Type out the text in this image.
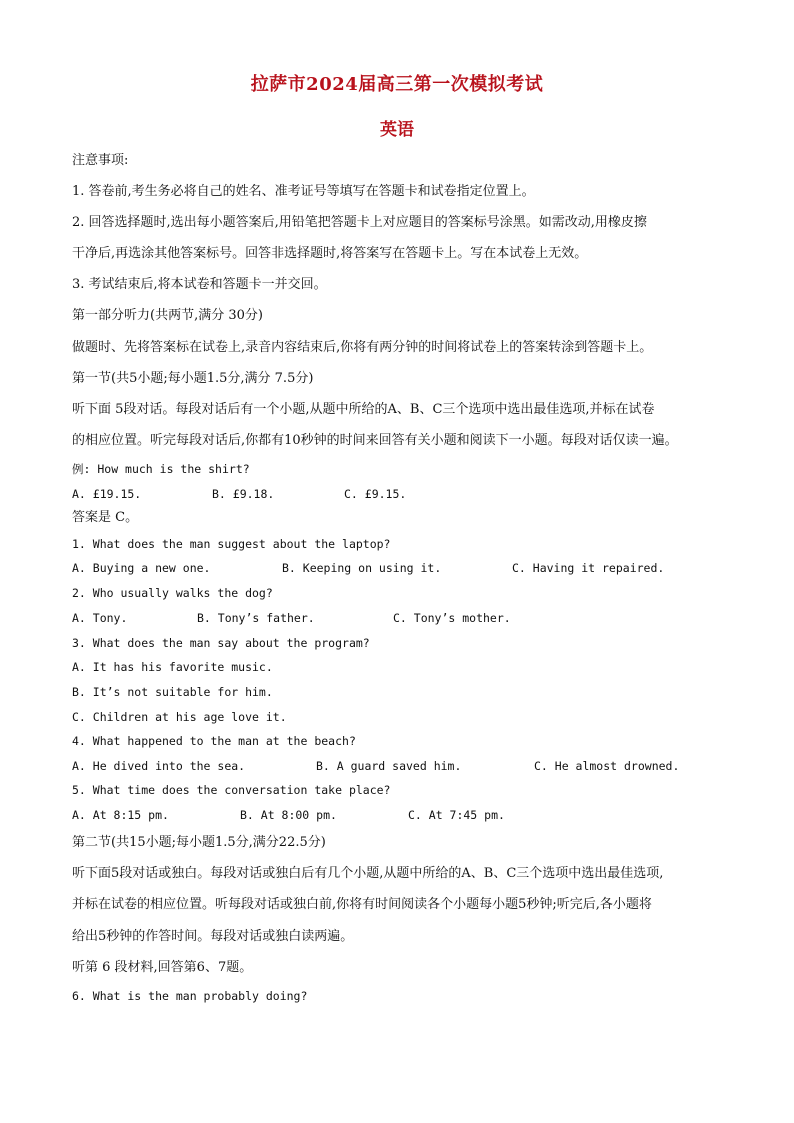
拉萨市2024届高三第一次模拟考试
英语
注意事项:
1. 答卷前,考生务必将自己的姓名、准考证号等填写在答题卡和试卷指定位置上。
2. 回答选择题时,选出每小题答案后,用铅笔把答题卡上对应题目的答案标号涂黑。如需改动,用橡皮擦
干净后,再选涂其他答案标号。回答非选择题时,将答案写在答题卡上。写在本试卷上无效。
3. 考试结束后,将本试卷和答题卡一并交回。
第一部分听力(共两节,满分 30分)
做题时、先将答案标在试卷上,录音内容结束后,你将有两分钟的时间将试卷上的答案转涂到答题卡上。
第一节(共5小题;每小题1.5分,满分 7.5分)
听下面 5段对话。每段对话后有一个小题,从题中所给的A、B、C三个选项中选出最佳选项,并标在试卷
的相应位置。听完每段对话后,你都有10秒钟的时间来回答有关小题和阅读下一小题。每段对话仅读一遍。
例: How much is the shirt?
A. £19.15.	B. £9.18.	C. £9.15.
答案是 C。
1. What does the man suggest about the laptop?
A. Buying a new one.	B. Keeping on using it.	C. Having it repaired.
2. Who usually walks the dog?
A. Tony.	B. Tony’s father.	C. Tony’s mother.
3. What does the man say about the program?
A. It has his favorite music.
B. It’s not suitable for him.
C. Children at his age love it.
4. What happened to the man at the beach?
A. He dived into the sea.	B. A guard saved him.	C. He almost drowned.
5. What time does the conversation take place?
A. At 8:15 pm.	B. At 8:00 pm.	C. At 7:45 pm.
第二节(共15小题;每小题1.5分,满分22.5分)
听下面5段对话或独白。每段对话或独白后有几个小题,从题中所给的A、B、C三个选项中选出最佳选项,
并标在试卷的相应位置。听每段对话或独白前,你将有时间阅读各个小题每小题5秒钟;听完后,各小题将
给出5秒钟的作答时间。每段对话或独白读两遍。
听第 6 段材料,回答第6、7题。
6. What is the man probably doing?
